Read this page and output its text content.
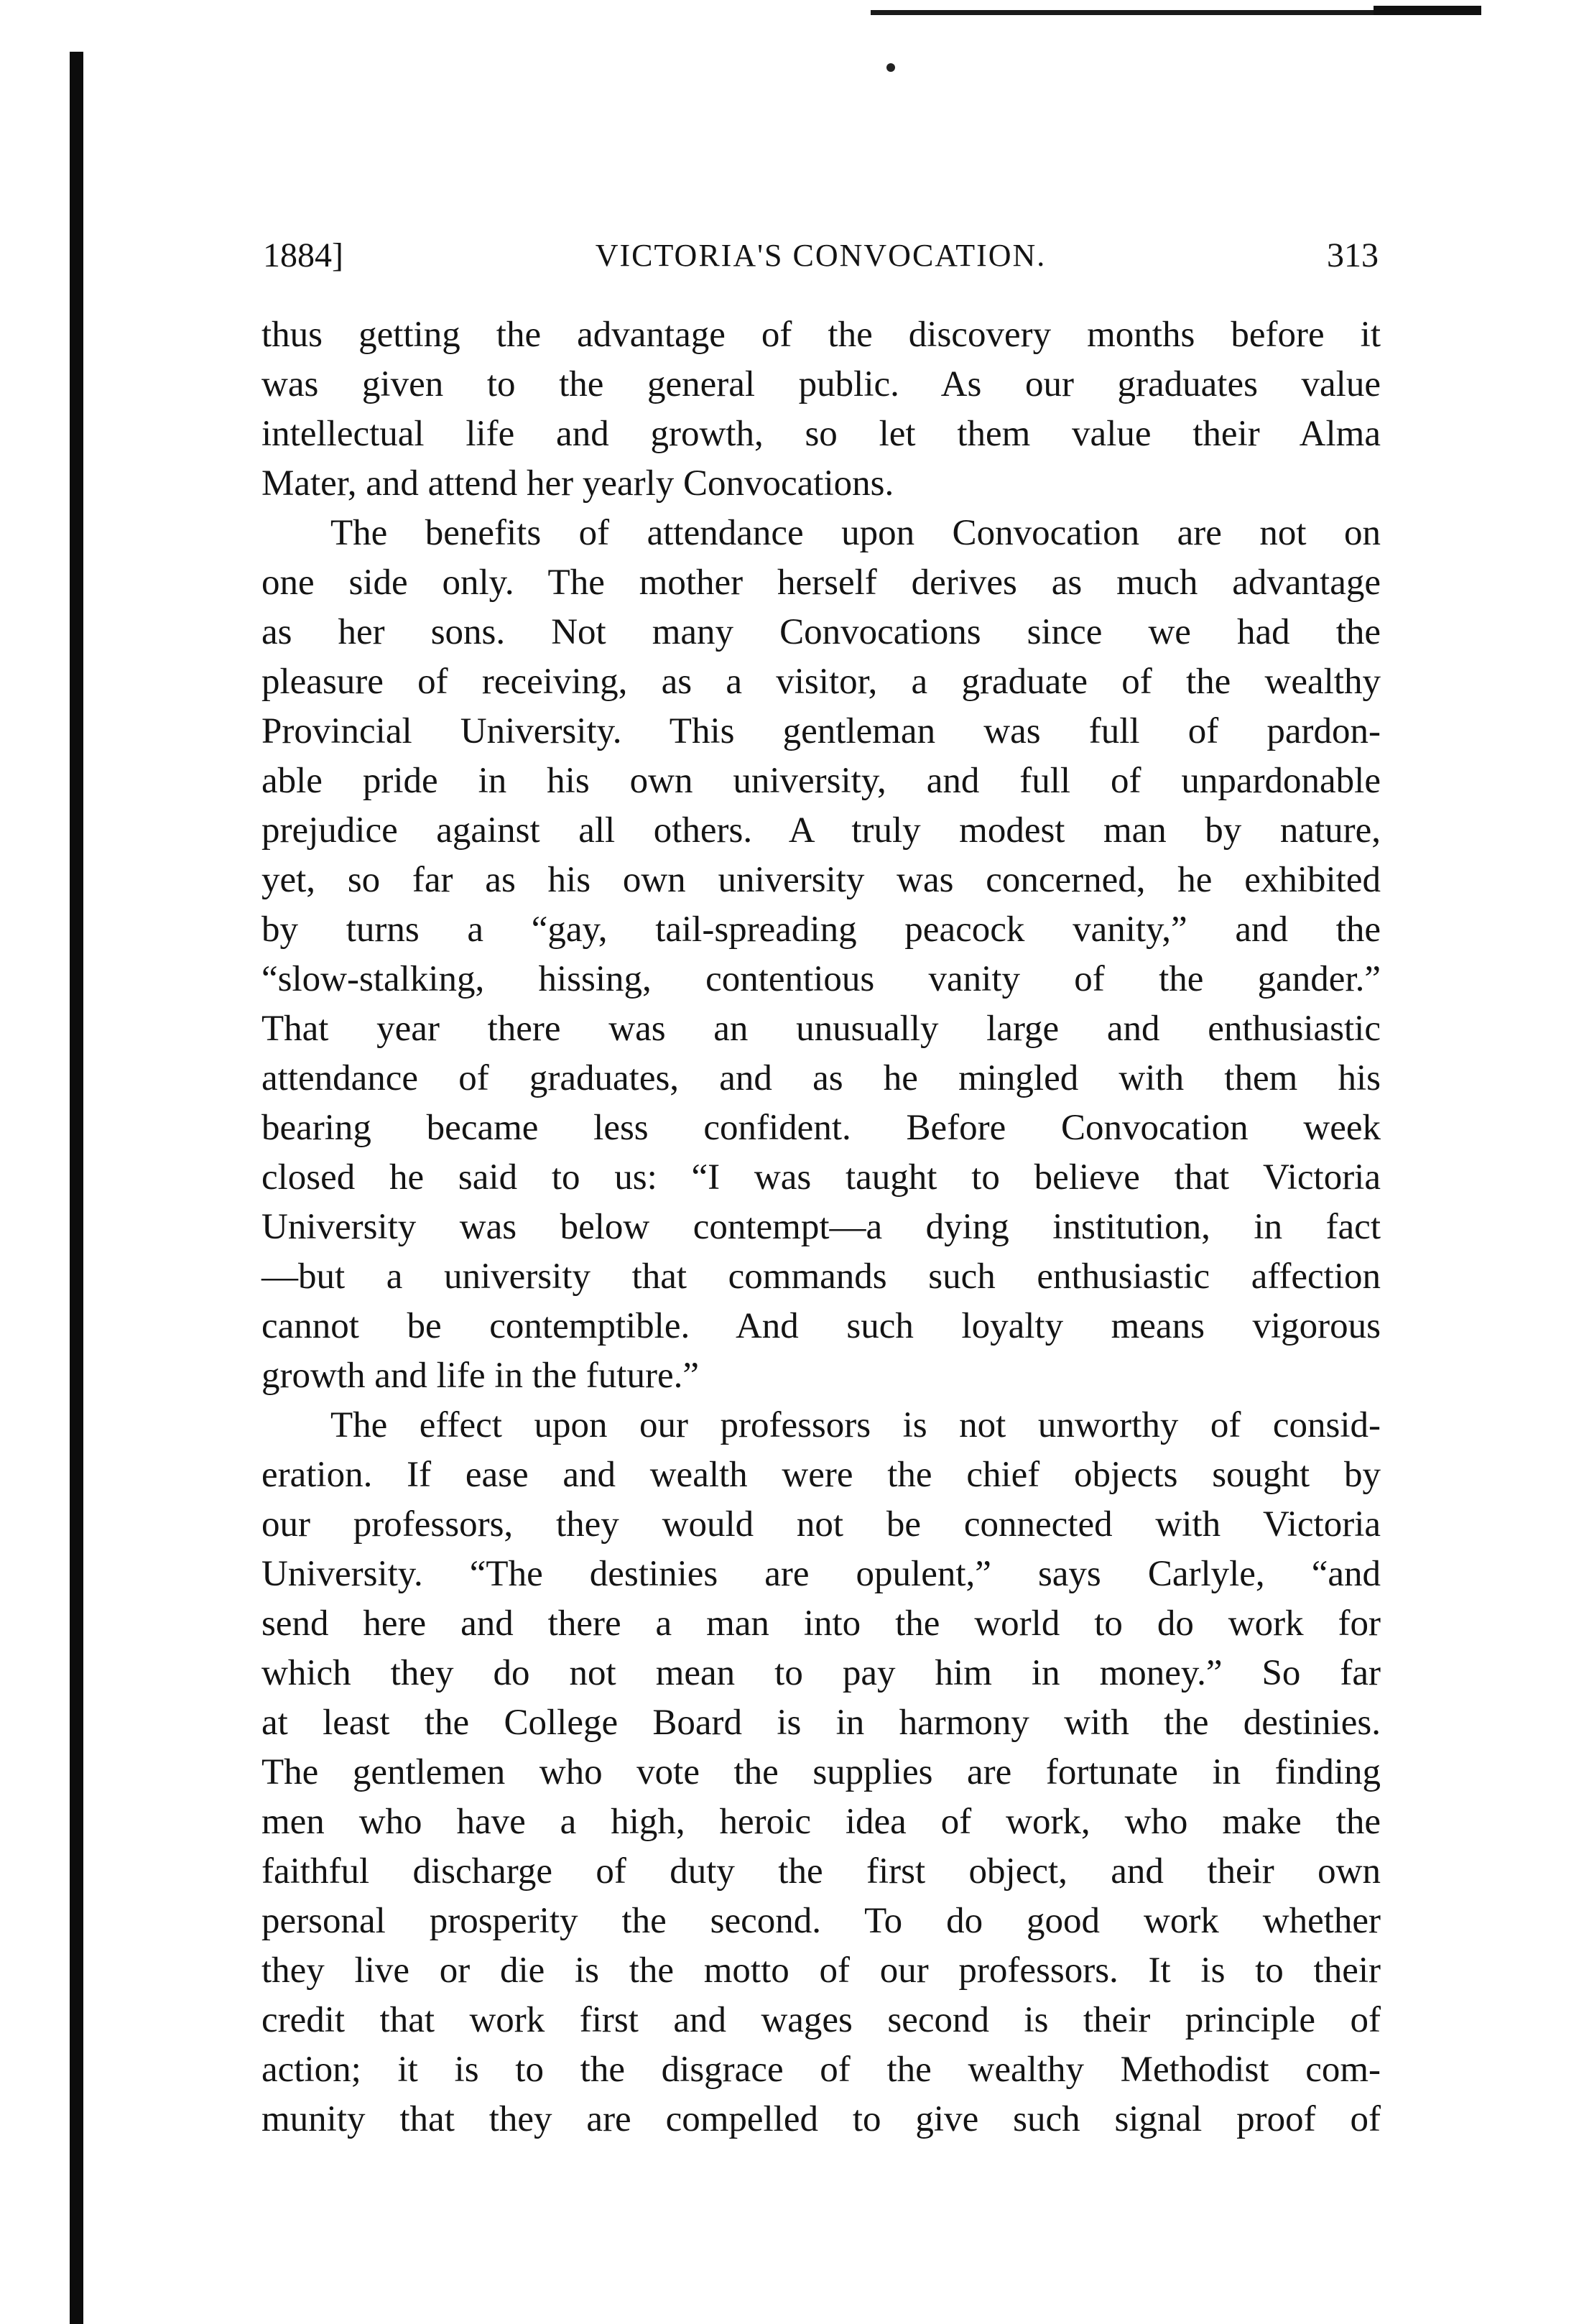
1884]	VICTORIA'S CONVOCATION.	313
thus getting the advantage of the discovery months before it
was given to the general public. As our graduates value
intellectual life and growth, so let them value their Alma
Mater, and attend her yearly Convocations.
The benefits of attendance upon Convocation are not on
one side only. The mother herself derives as much advantage
as her sons. Not many Convocations since we had the
pleasure of receiving, as a visitor, a graduate of the wealthy
Provincial University. This gentleman was full of pardon-
able pride in his own university, and full of unpardonable
prejudice against all others. A truly modest man by nature,
yet, so far as his own university was concerned, he exhibited
by turns a “gay, tail-spreading peacock vanity,” and the
“slow-stalking, hissing, contentious vanity of the gander.”
That year there was an unusually large and enthusiastic
attendance of graduates, and as he mingled with them his
bearing became less confident. Before Convocation week
closed he said to us: “I was taught to believe that Victoria
University was below contempt—a dying institution, in fact
—but a university that commands such enthusiastic affection
cannot be contemptible. And such loyalty means vigorous
growth and life in the future.”
The effect upon our professors is not unworthy of consid-
eration. If ease and wealth were the chief objects sought by
our professors, they would not be connected with Victoria
University. “The destinies are opulent,” says Carlyle, “and
send here and there a man into the world to do work for
which they do not mean to pay him in money.” So far
at least the College Board is in harmony with the destinies.
The gentlemen who vote the supplies are fortunate in finding
men who have a high, heroic idea of work, who make the
faithful discharge of duty the first object, and their own
personal prosperity the second. To do good work whether
they live or die is the motto of our professors. It is to their
credit that work first and wages second is their principle of
action; it is to the disgrace of the wealthy Methodist com-
munity that they are compelled to give such signal proof of
